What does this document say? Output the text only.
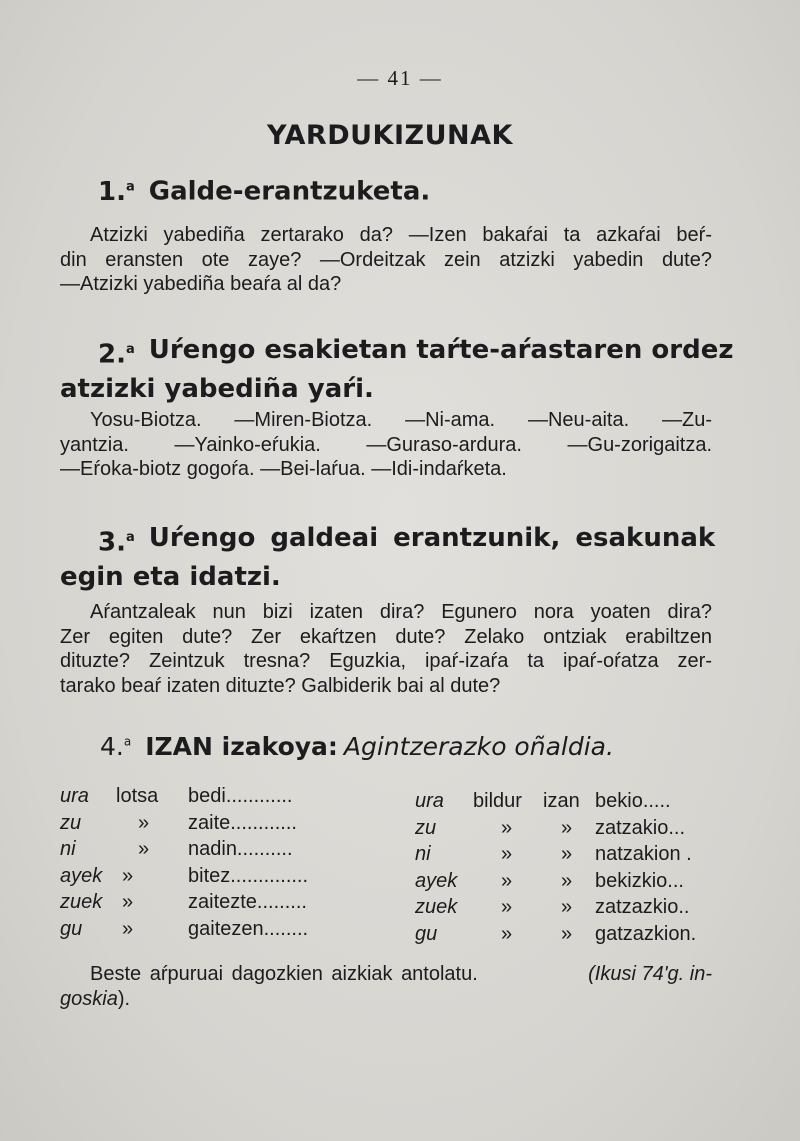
— 41 —
YARDUKIZUNAK
1.$^a$ Galde-erantzuketa.
Atzizki yabediña zertarako da? —Izen bakaŕai ta azkaŕai beŕ-
din eransten ote zaye? —Ordeitzak zein atzizki yabedin dute?
—Atzizki yabediña beaŕa al da?
2.$^a$ Uŕengo esakietan taŕte-aŕastaren ordez
atzizki yabediña yaŕi.
Yosu-Biotza. —Miren-Biotza. —Ni-ama. —Neu-aita. —Zu-
yantzia. —Yainko-eŕukia. —Guraso-ardura. —Gu-zorigaitza.
—Eŕoka-biotz gogoŕa. —Bei-laŕua. —Idi-indaŕketa.
3.$^a$ Uŕengo galdeai erantzunik, esakunak
egin eta idatzi.
Aŕantzaleak nun bizi izaten dira? Egunero nora yoaten dira?
Zer egiten dute? Zer ekaŕtzen dute? Zelako ontziak erabiltzen
dituzte? Zeintzuk tresna? Eguzkia, ipaŕ-izaŕa ta ipaŕ-oŕatza zer-
tarako beaŕ izaten dituzte? Galbiderik bai al dute?
4.$^a$ IZAN izakoya: Agintzerazko oñaldia.
ura lotsa bedi............
zu	» zaite............
ni	» nadin..........
ayek »	bitez..............
zuek »	zaitezte.........
gu »	gaitezen........
ura bildur izan bekio.....
zu	» » zatzakio...
ni	» » natzakion .
ayek » » bekizkio...
zuek » » zatzazkio..
gu	» » gatzazkion.
Beste aŕpuruai dagozkien aizkiak antolatu.	(Ikusi 74'g. in-
goskia).
